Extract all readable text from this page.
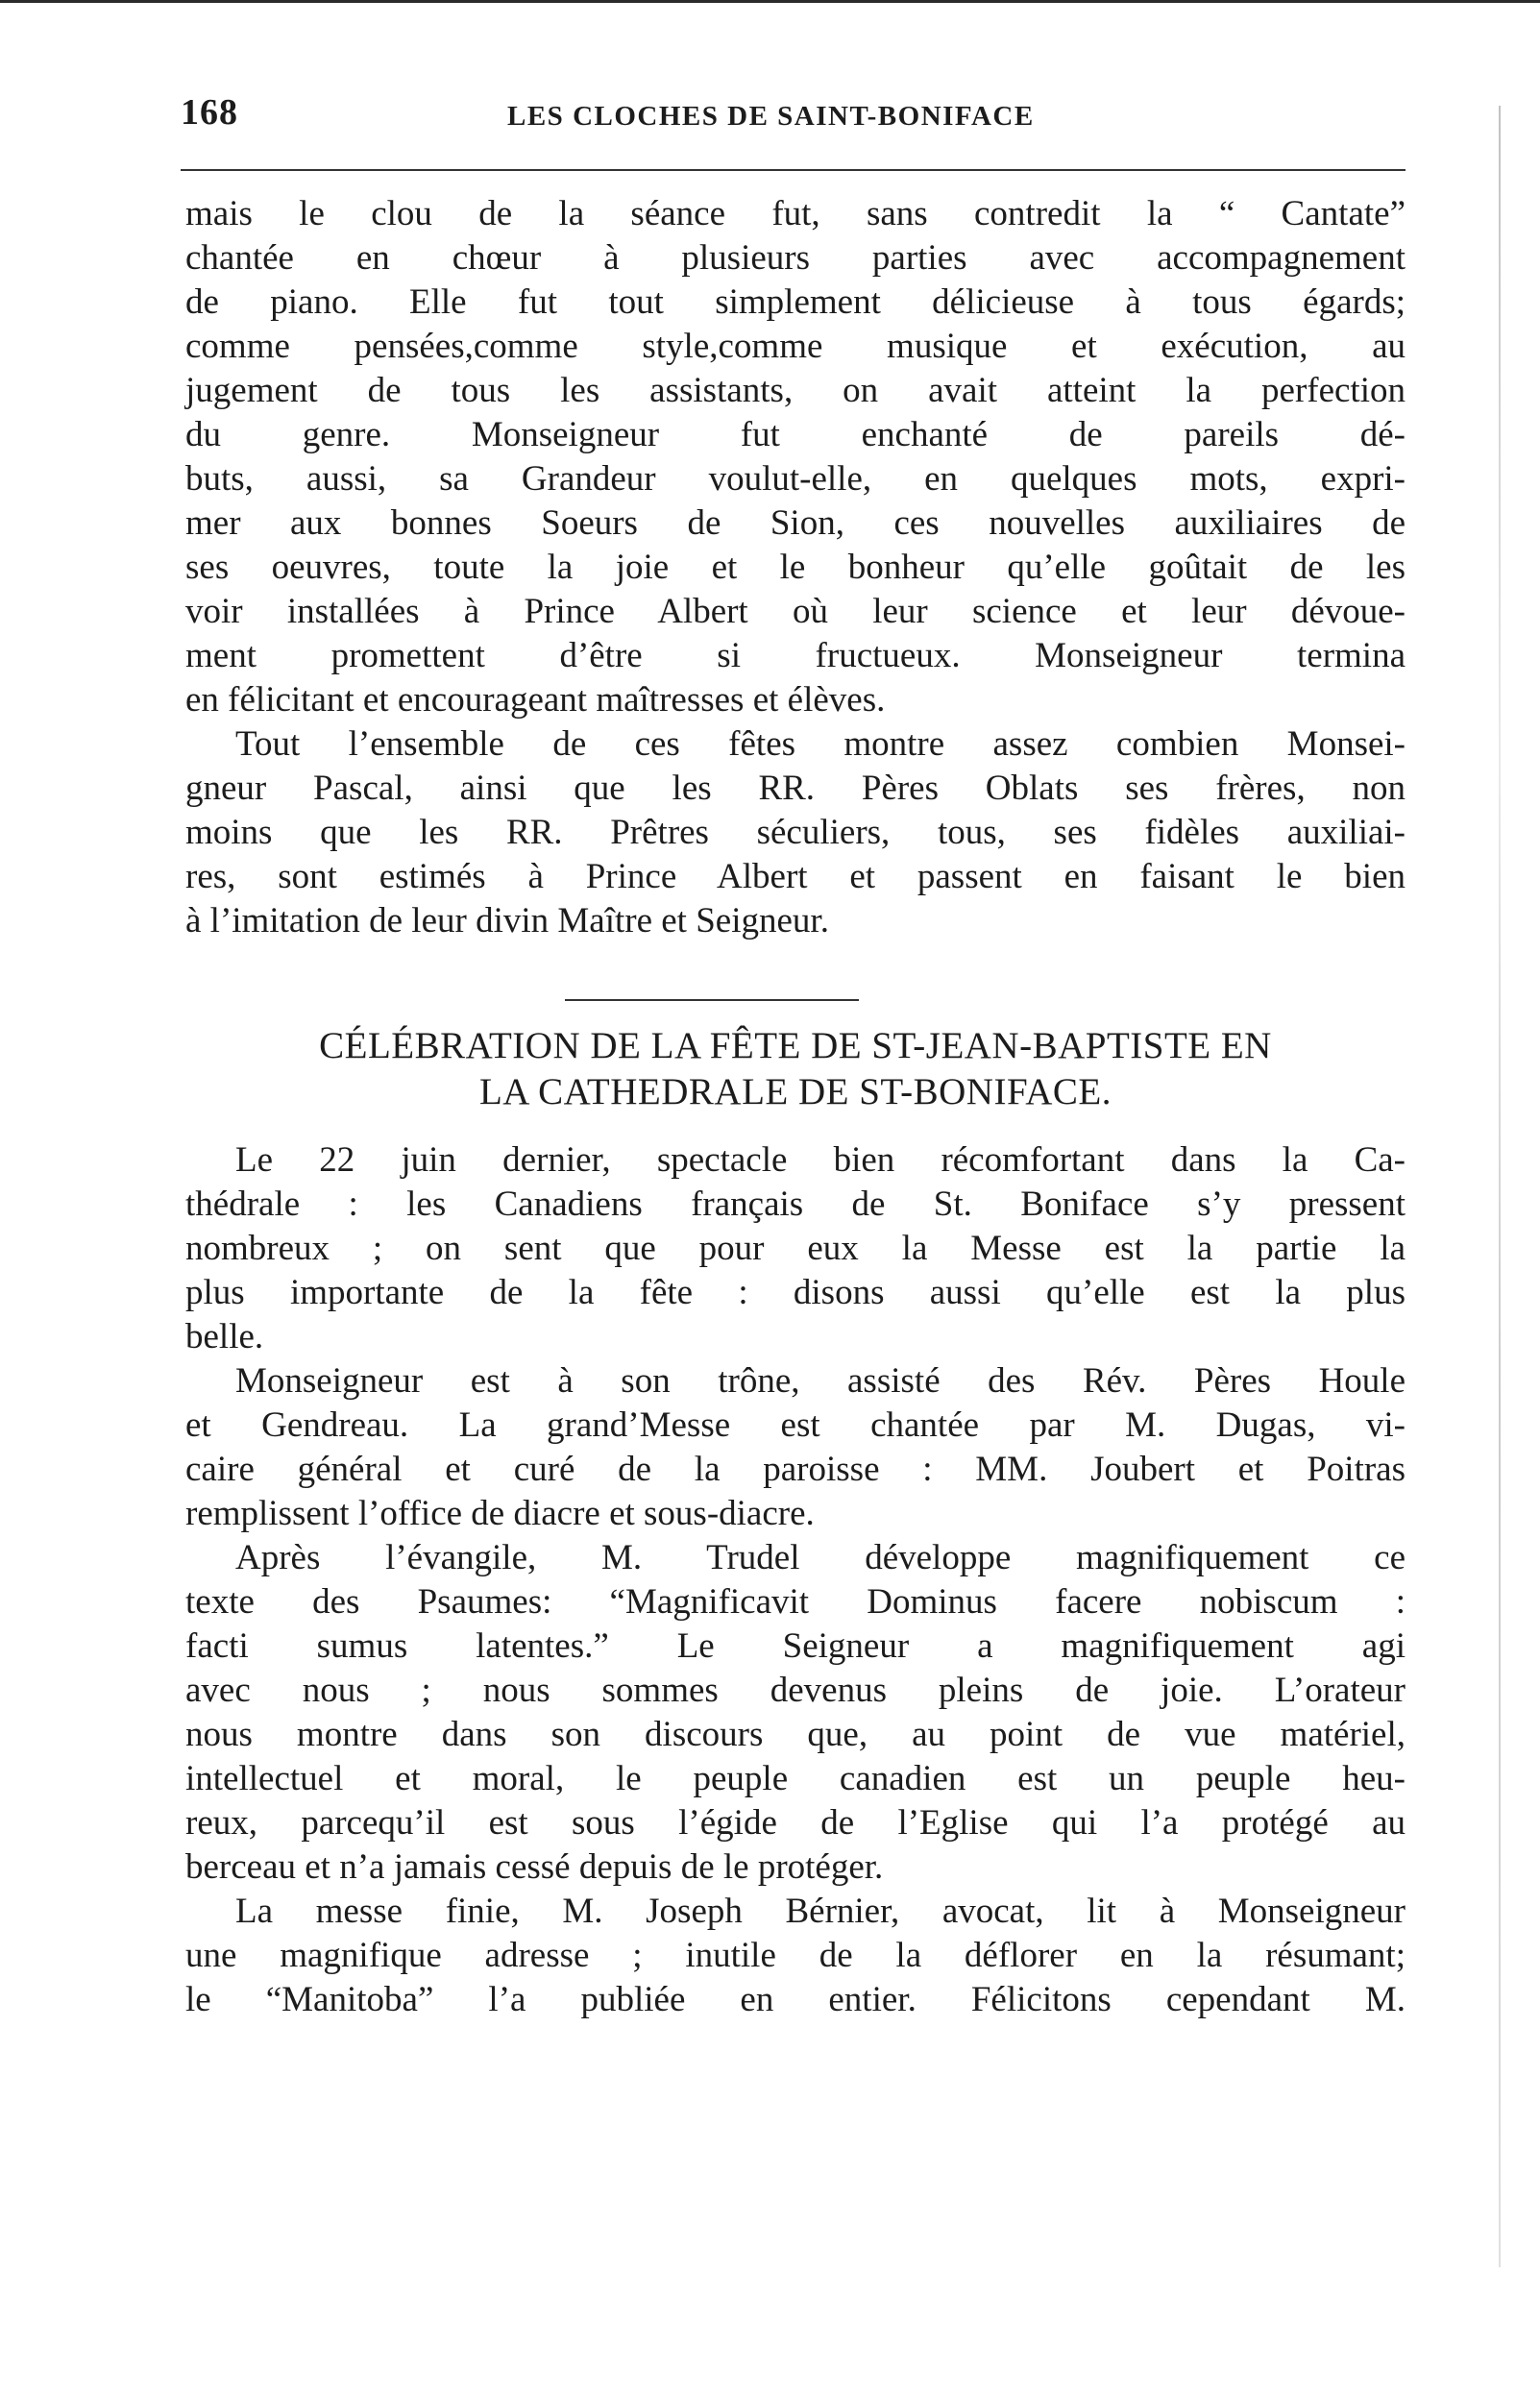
168	LES CLOCHES DE SAINT-BONIFACE
mais le clou de la séance fut, sans contredit la “ Cantate”
chantée en chœur à plusieurs parties avec accompagnement
de piano. Elle fut tout simplement délicieuse à tous égards;
comme pensées,comme style,comme musique et exécution, au
jugement de tous les assistants, on avait atteint la perfection
du genre. Monseigneur fut enchanté de pareils dé-
buts, aussi, sa Grandeur voulut-elle, en quelques mots, expri-
mer aux bonnes Soeurs de Sion, ces nouvelles auxiliaires de
ses oeuvres, toute la joie et le bonheur qu’elle goûtait de les
voir installées à Prince Albert où leur science et leur dévoue-
ment promettent d’être si fructueux. Monseigneur termina
en félicitant et encourageant maîtresses et élèves.
Tout l’ensemble de ces fêtes montre assez combien Monsei-
gneur Pascal, ainsi que les RR. Pères Oblats ses frères, non
moins que les RR. Prêtres séculiers, tous, ses fidèles auxiliai-
res, sont estimés à Prince Albert et passent en faisant le bien
à l’imitation de leur divin Maître et Seigneur.
CÉLÉBRATION DE LA FÊTE DE ST-JEAN-BAPTISTE EN
LA CATHEDRALE DE ST-BONIFACE.
Le 22 juin dernier, spectacle bien récomfortant dans la Ca-
thédrale : les Canadiens français de St. Boniface s’y pressent
nombreux ; on sent que pour eux la Messe est la partie la
plus importante de la fête : disons aussi qu’elle est la plus
belle.
Monseigneur est à son trône, assisté des Rév. Pères Houle
et Gendreau. La grand’Messe est chantée par M. Dugas, vi-
caire général et curé de la paroisse : MM. Joubert et Poitras
remplissent l’office de diacre et sous-diacre.
Après l’évangile, M. Trudel développe magnifiquement ce
texte des Psaumes: “Magnificavit Dominus facere nobiscum :
facti sumus latentes.” Le Seigneur a magnifiquement agi
avec nous ; nous sommes devenus pleins de joie. L’orateur
nous montre dans son discours que, au point de vue matériel,
intellectuel et moral, le peuple canadien est un peuple heu-
reux, parcequ’il est sous l’égide de l’Eglise qui l’a protégé au
berceau et n’a jamais cessé depuis de le protéger.
La messe finie, M. Joseph Bérnier, avocat, lit à Monseigneur
une magnifique adresse ; inutile de la déflorer en la résumant;
le “Manitoba” l’a publiée en entier. Félicitons cependant M.
